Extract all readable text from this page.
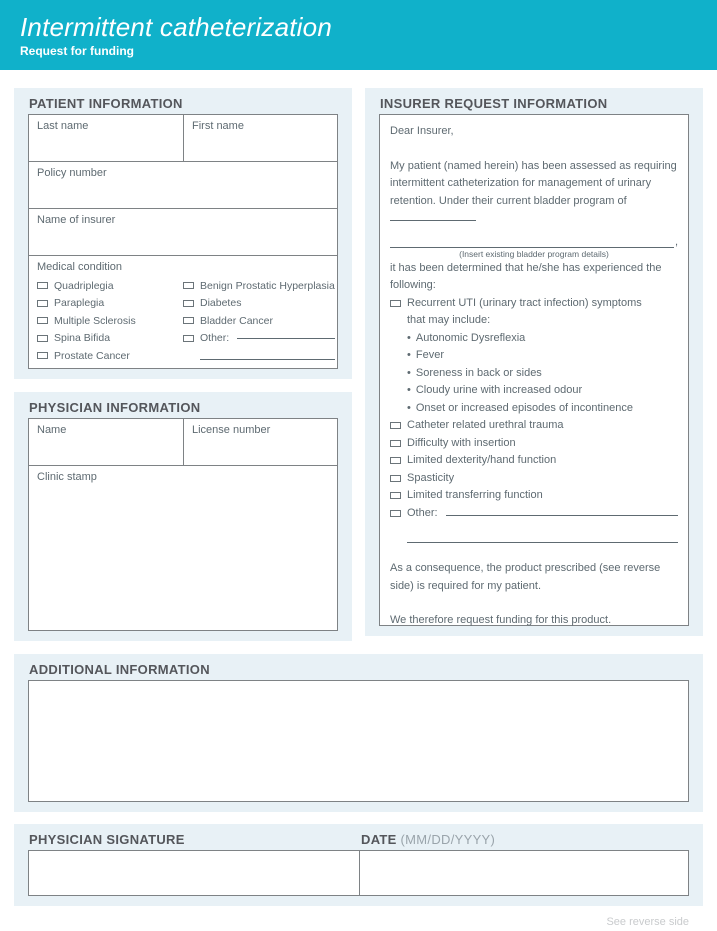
Intermittent catheterization
Request for funding
PATIENT INFORMATION
Last name	First name
Policy number
Name of insurer
Medical condition
Quadriplegia
Paraplegia
Multiple Sclerosis
Spina Bifida
Prostate Cancer
Benign Prostatic Hyperplasia
Diabetes
Bladder Cancer
Other:
PHYSICIAN INFORMATION
Name	License number
Clinic stamp
INSURER REQUEST INFORMATION

Dear Insurer,

My patient (named herein) has been assessed as requiring intermittent catheterization for management of urinary retention. Under their current bladder program of

,
(Insert existing bladder program details)

it has been determined that he/she has experienced the following:

Recurrent UTI (urinary tract infection) symptoms
that may include:
• Autonomic Dysreflexia
• Fever
• Soreness in back or sides
• Cloudy urine with increased odour
• Onset or increased episodes of incontinence
Catheter related urethral trauma
Difficulty with insertion
Limited dexterity/hand function
Spasticity
Limited transferring function
Other:

As a consequence, the product prescribed (see reverse side) is required for my patient.

We therefore request funding for this product.

ADDITIONAL INFORMATION
PHYSICIAN SIGNATURE	DATE (MM/DD/YYYY)
See reverse side
